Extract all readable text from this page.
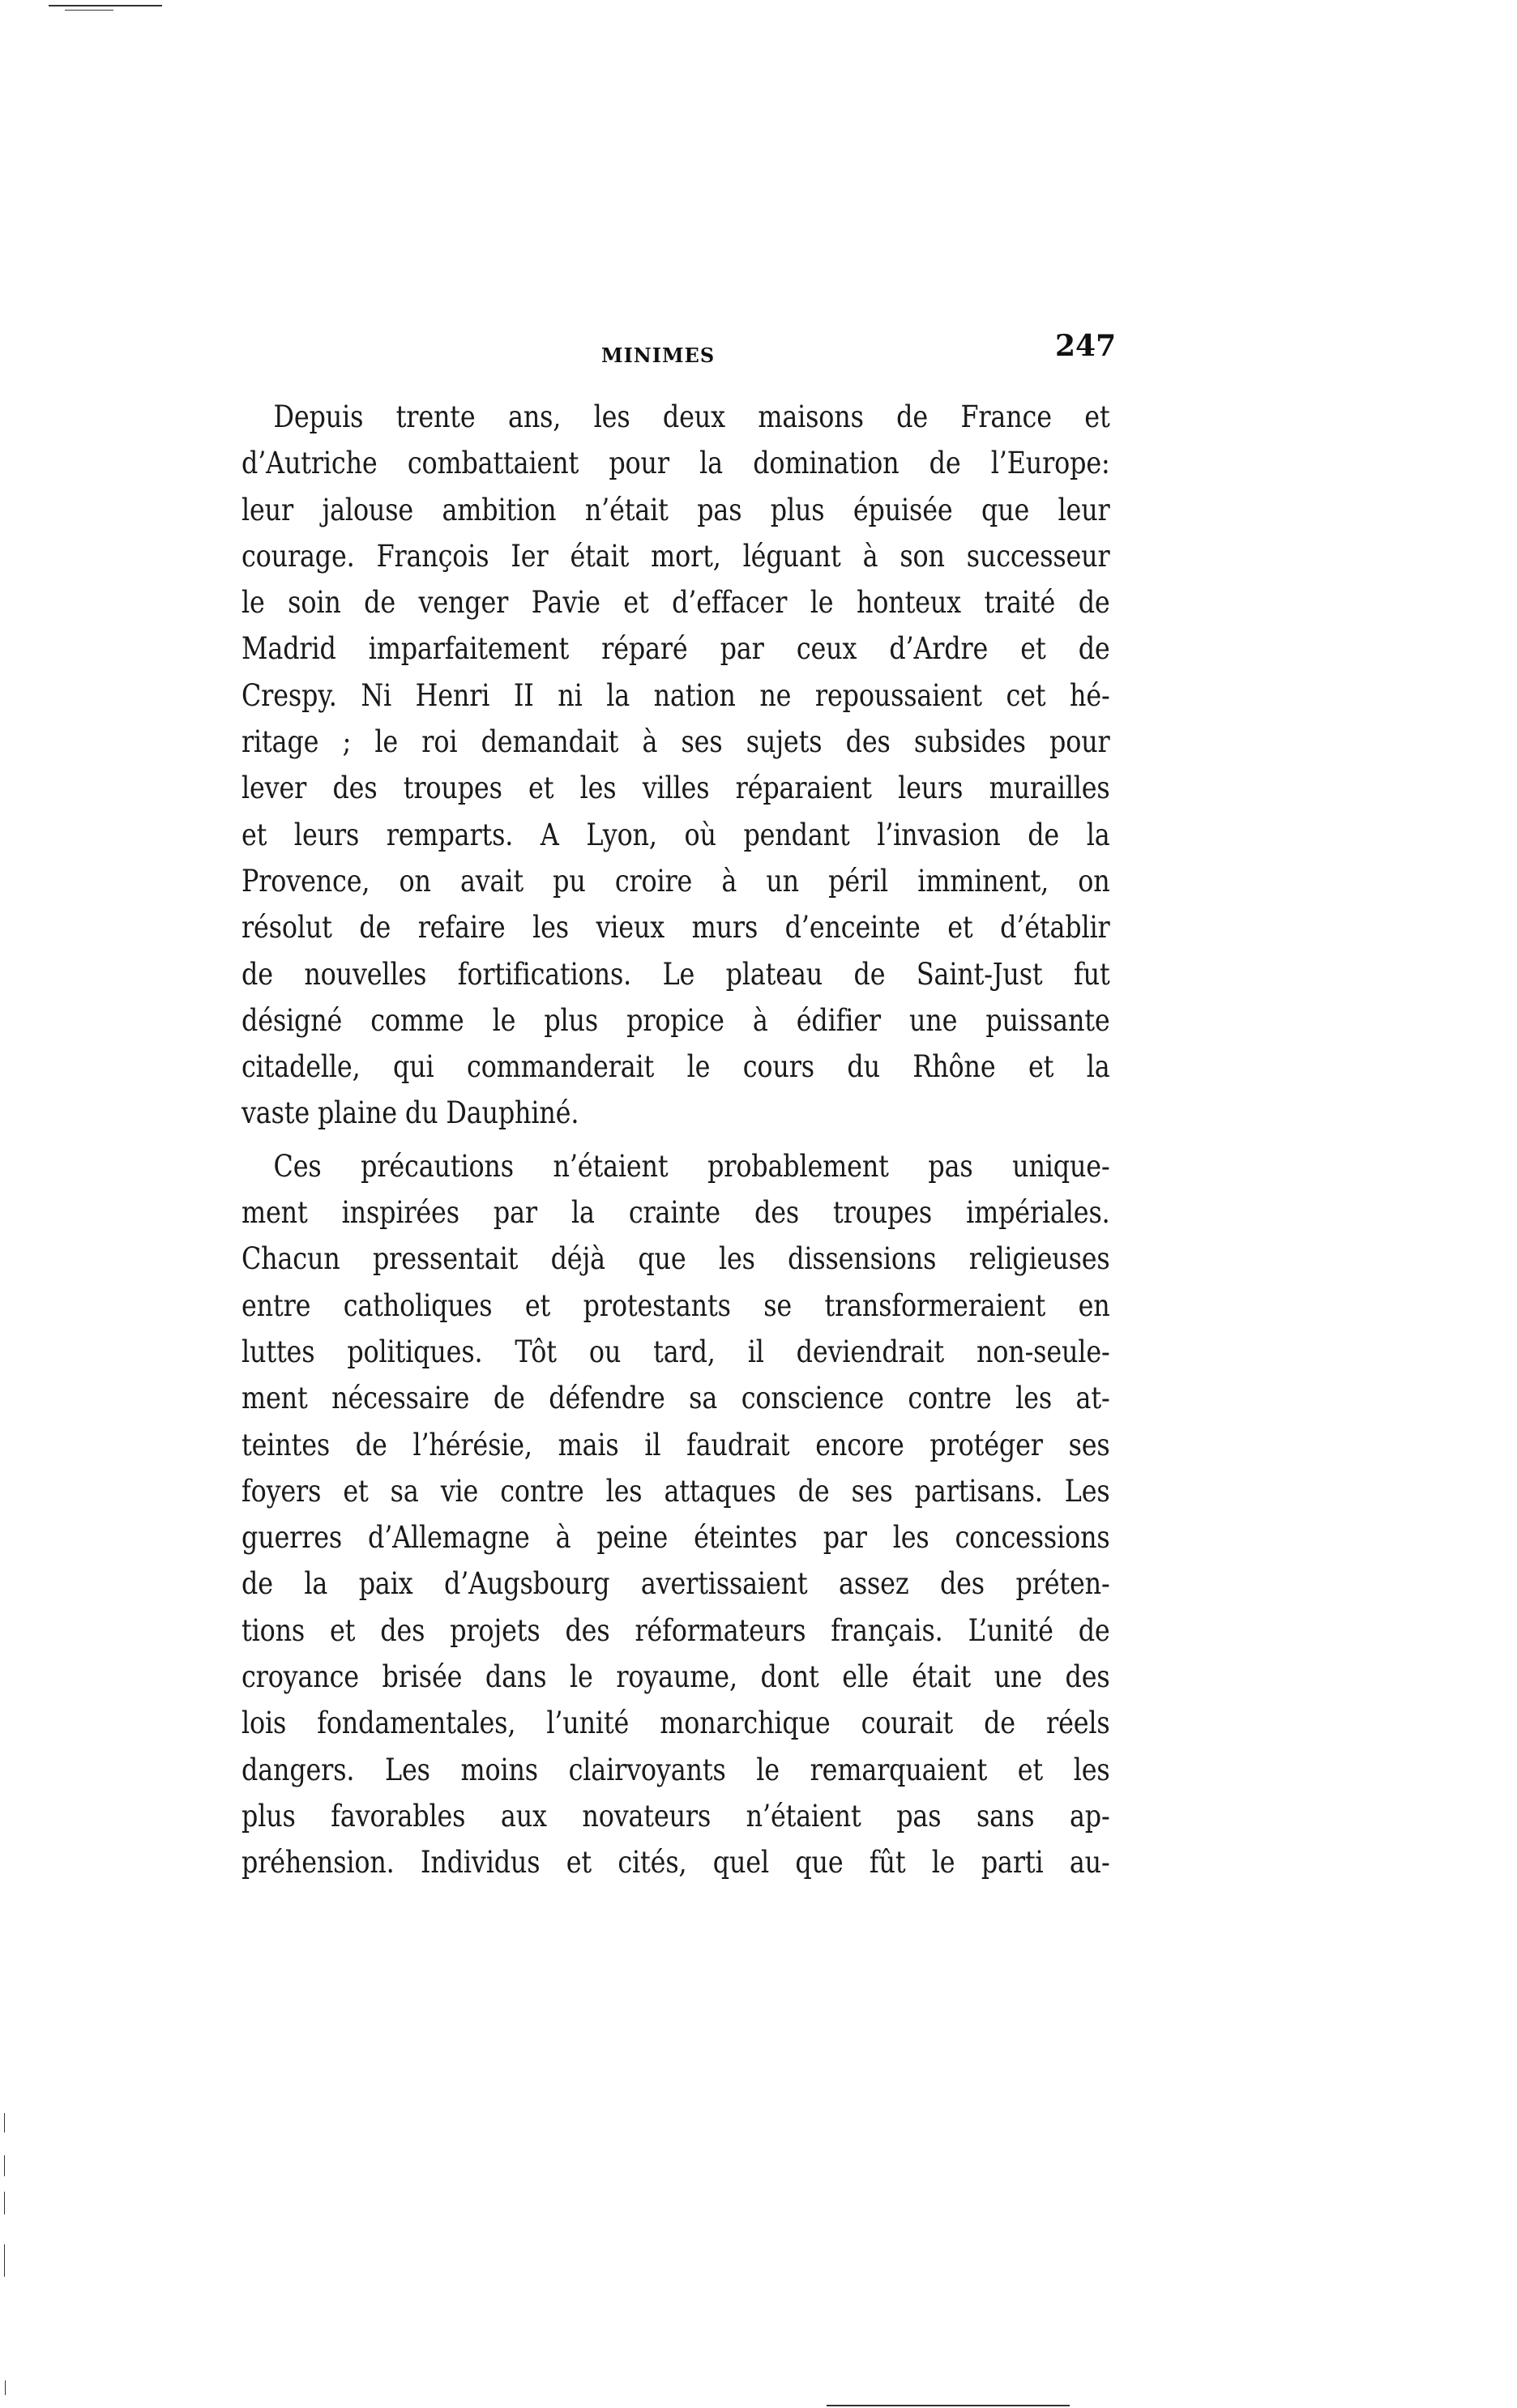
MINIMES	247
Depuis trente ans, les deux maisons de France et
d’Autriche combattaient pour la domination de l’Europe:
leur jalouse ambition n’était pas plus épuisée que leur
courage. François Ier était mort, léguant à son successeur
le soin de venger Pavie et d’effacer le honteux traité de
Madrid imparfaitement réparé par ceux d’Ardre et de
Crespy. Ni Henri II ni la nation ne repoussaient cet hé-
ritage ; le roi demandait à ses sujets des subsides pour
lever des troupes et les villes réparaient leurs murailles
et leurs remparts. A Lyon, où pendant l’invasion de la
Provence, on avait pu croire à un péril imminent, on
résolut de refaire les vieux murs d’enceinte et d’établir
de nouvelles fortifications. Le plateau de Saint-Just fut
désigné comme le plus propice à édifier une puissante
citadelle, qui commanderait le cours du Rhône et la
vaste plaine du Dauphiné.
Ces précautions n’étaient probablement pas unique-
ment inspirées par la crainte des troupes impériales.
Chacun pressentait déjà que les dissensions religieuses
entre catholiques et protestants se transformeraient en
luttes politiques. Tôt ou tard, il deviendrait non-seule-
ment nécessaire de défendre sa conscience contre les at-
teintes de l’hérésie, mais il faudrait encore protéger ses
foyers et sa vie contre les attaques de ses partisans. Les
guerres d’Allemagne à peine éteintes par les concessions
de la paix d’Augsbourg avertissaient assez des préten-
tions et des projets des réformateurs français. L’unité de
croyance brisée dans le royaume, dont elle était une des
lois fondamentales, l’unité monarchique courait de réels
dangers. Les moins clairvoyants le remarquaient et les
plus favorables aux novateurs n’étaient pas sans ap-
préhension. Individus et cités, quel que fût le parti au-
